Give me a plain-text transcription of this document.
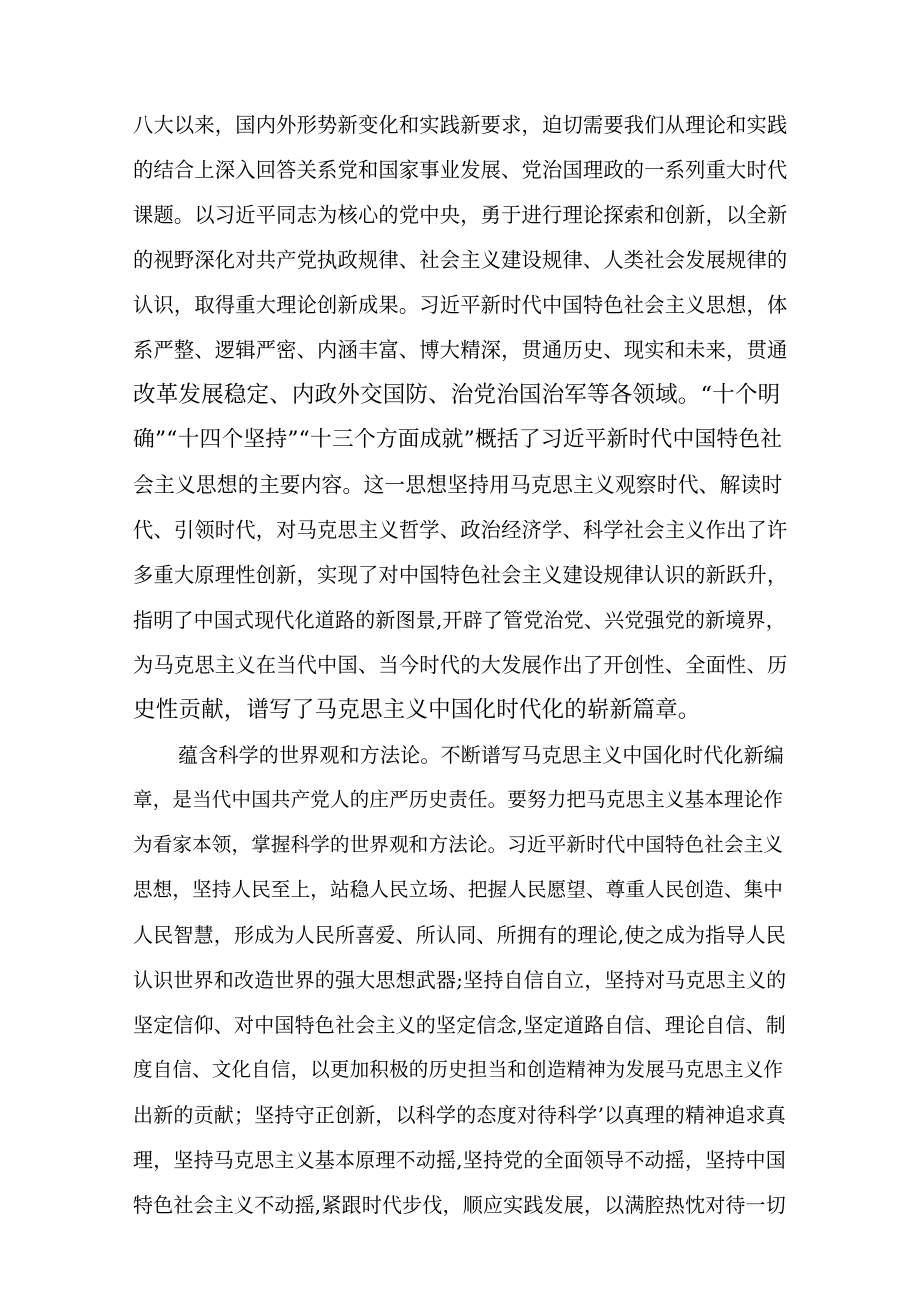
八大以来，国内外形势新变化和实践新要求，迫切需要我们从理论和实践
的结合上深入回答关系党和国家事业发展、党治国理政的一系列重大时代
课题。以习近平同志为核心的党中央，勇于进行理论探索和创新，以全新
的视野深化对共产党执政规律、社会主义建设规律、人类社会发展规律的
认识，取得重大理论创新成果。习近平新时代中国特色社会主义思想，体
系严整、逻辑严密、内涵丰富、博大精深，贯通历史、现实和未来，贯通
改革发展稳定、内政外交国防、治党治国治军等各领域。“十个明
确”“十四个坚持”“十三个方面成就”概括了习近平新时代中国特色社
会主义思想的主要内容。这一思想坚持用马克思主义观察时代、解读时
代、引领时代，对马克思主义哲学、政治经济学、科学社会主义作出了许
多重大原理性创新，实现了对中国特色社会主义建设规律认识的新跃升，
指明了中国式现代化道路的新图景,开辟了管党治党、兴党强党的新境界，
为马克思主义在当代中国、当今时代的大发展作出了开创性、全面性、历
史性贡献，谱写了马克思主义中国化时代化的崭新篇章。
蕴含科学的世界观和方法论。不断谱写马克思主义中国化时代化新编
章，是当代中国共产党人的庄严历史责任。要努力把马克思主义基本理论作
为看家本领，掌握科学的世界观和方法论。习近平新时代中国特色社会主义
思想，坚持人民至上，站稳人民立场、把握人民愿望、尊重人民创造、集中
人民智慧，形成为人民所喜爱、所认同、所拥有的理论,使之成为指导人民
认识世界和改造世界的强大思想武器;坚持自信自立，坚持对马克思主义的
坚定信仰、对中国特色社会主义的坚定信念,坚定道路自信、理论自信、制
度自信、文化自信，以更加积极的历史担当和创造精神为发展马克思主义作
出新的贡献；坚持守正创新，以科学的态度对待科学’以真理的精神追求真
理，坚持马克思主义基本原理不动摇,坚持党的全面领导不动摇，坚持中国
特色社会主义不动摇,紧跟时代步伐，顺应实践发展，以满腔热忱对待一切
